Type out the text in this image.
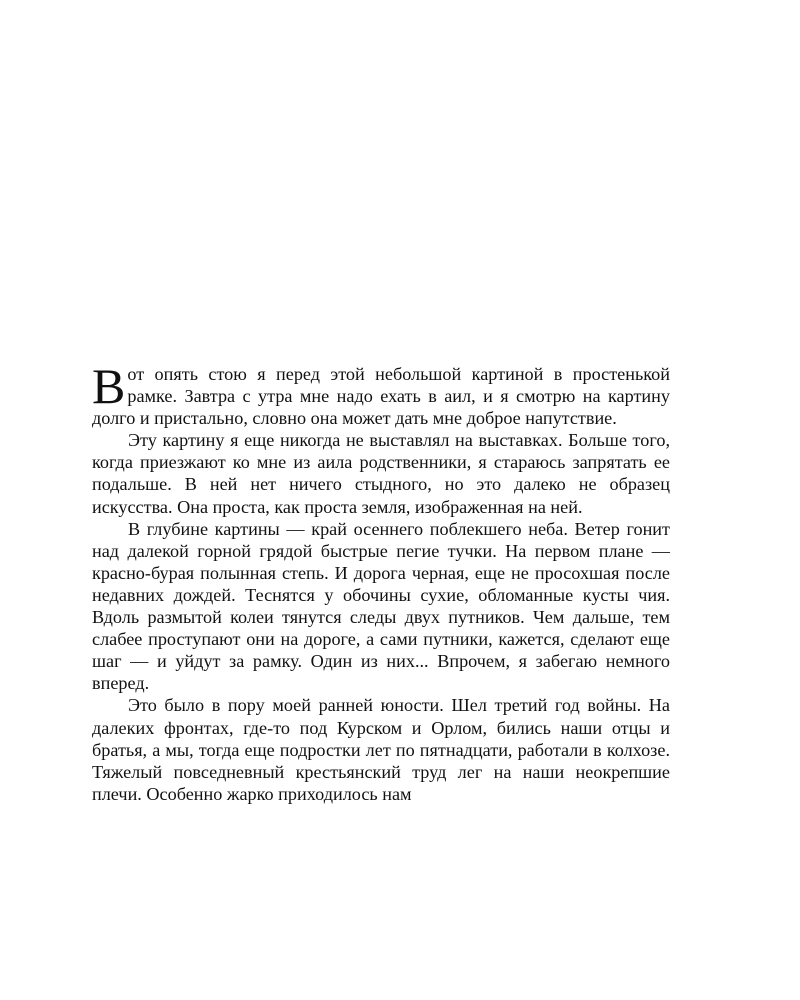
Вот опять стою я перед этой небольшой картиной в простенькой рамке. Завтра с утра мне надо ехать в аил, и я смотрю на картину долго и пристально, словно она может дать мне доброе напутствие.

Эту картину я еще никогда не выставлял на выставках. Больше того, когда приезжают ко мне из аила родственники, я стараюсь запрятать ее подальше. В ней нет ничего стыдного, но это далеко не образец искусства. Она проста, как проста земля, изображенная на ней.

В глубине картины — край осеннего поблекшего неба. Ветер гонит над далекой горной грядой быстрые пегие тучки. На первом плане — красно-бурая полынная степь. И дорога черная, еще не просохшая после недавних дождей. Теснятся у обочины сухие, обломанные кусты чия. Вдоль размытой колеи тянутся следы двух путников. Чем дальше, тем слабее проступают они на дороге, а сами путники, кажется, сделают еще шаг — и уйдут за рамку. Один из них... Впрочем, я забегаю немного вперед.

Это было в пору моей ранней юности. Шел третий год войны. На далеких фронтах, где-то под Курском и Орлом, бились наши отцы и братья, а мы, тогда еще подростки лет по пятнадцати, работали в колхозе. Тяжелый повседневный крестьянский труд лег на наши неокрепшие плечи. Особенно жарко приходилось нам
